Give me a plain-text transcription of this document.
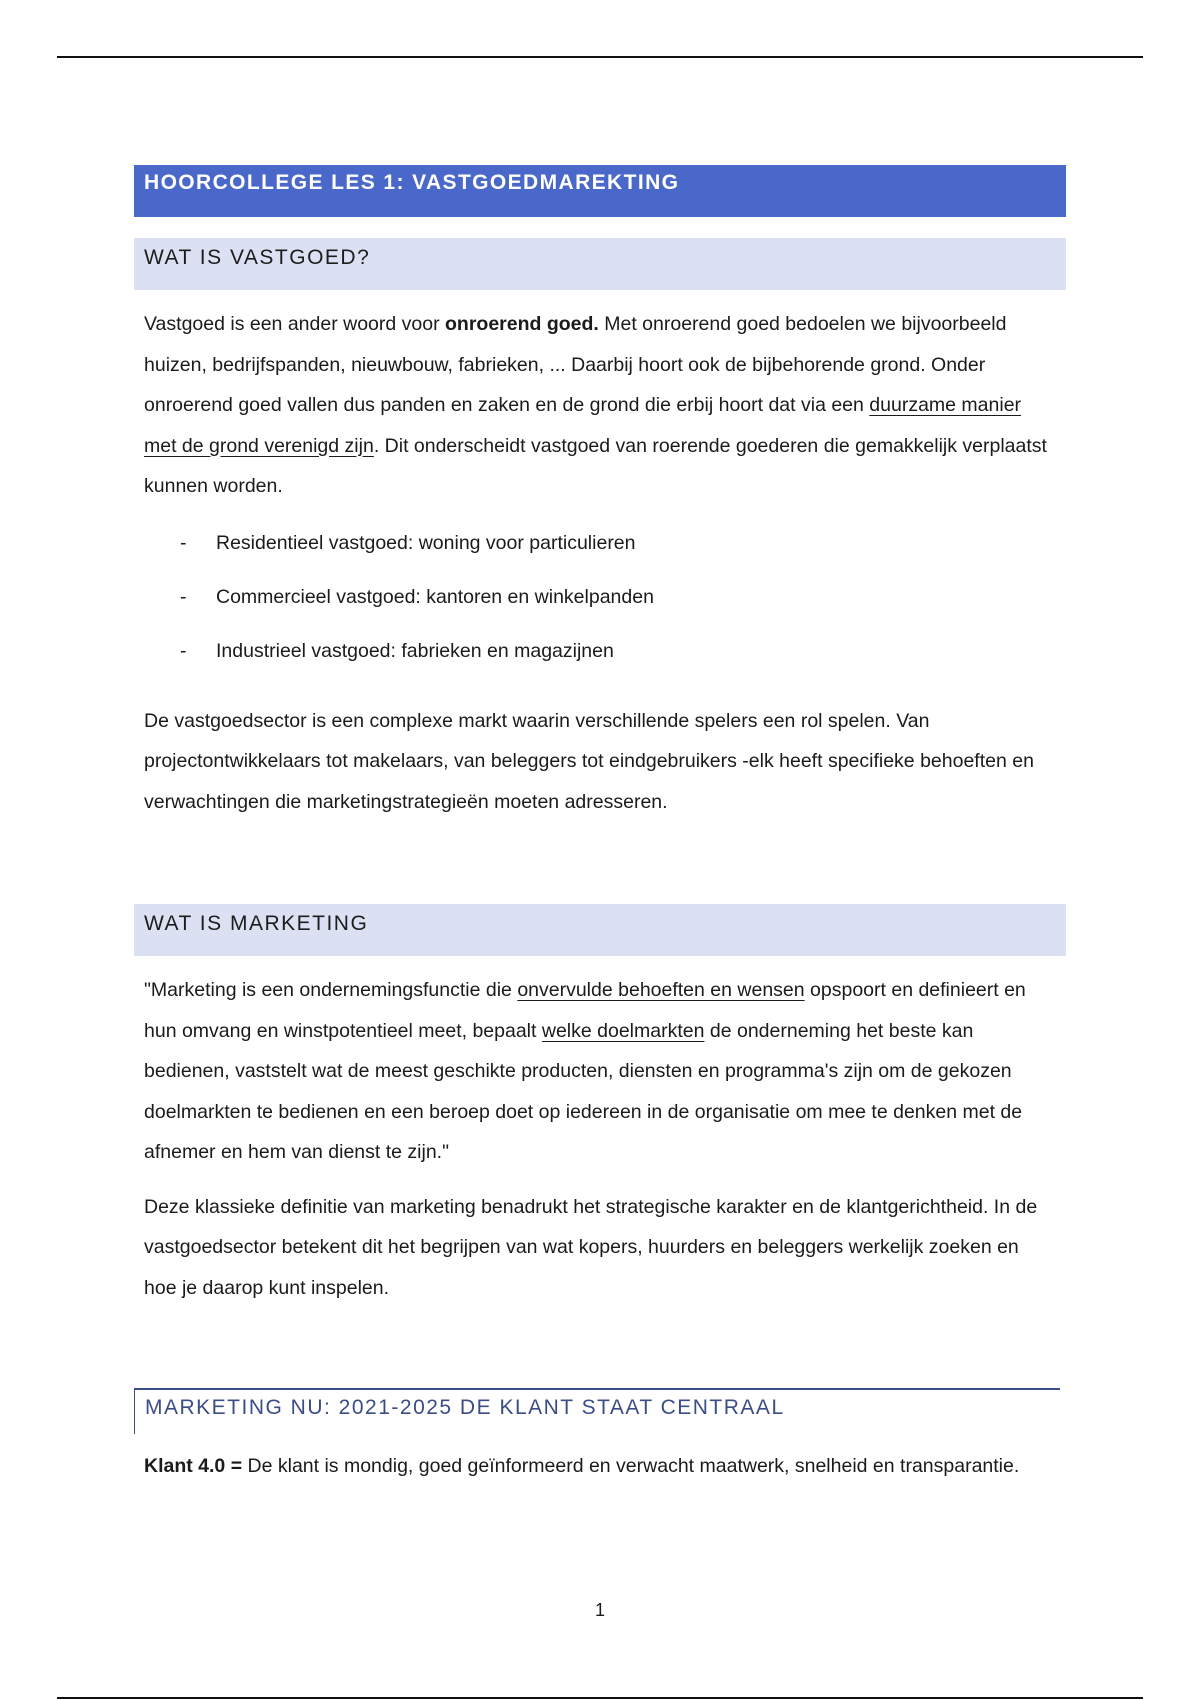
HOORCOLLEGE LES 1: VASTGOEDMAREKTING
WAT IS VASTGOED?

Vastgoed is een ander woord voor onroerend goed. Met onroerend goed bedoelen we bijvoorbeeld huizen, bedrijfspanden, nieuwbouw, fabrieken, ... Daarbij hoort ook de bijbehorende grond. Onder onroerend goed vallen dus panden en zaken en de grond die erbij hoort dat via een duurzame manier met de grond verenigd zijn. Dit onderscheidt vastgoed van roerende goederen die gemakkelijk verplaatst kunnen worden.

- Residentieel vastgoed: woning voor particulieren
- Commercieel vastgoed: kantoren en winkelpanden
- Industrieel vastgoed: fabrieken en magazijnen

De vastgoedsector is een complexe markt waarin verschillende spelers een rol spelen. Van projectontwikkelaars tot makelaars, van beleggers tot eindgebruikers -elk heeft specifieke behoeften en verwachtingen die marketingstrategieën moeten adresseren.

WAT IS MARKETING

"Marketing is een ondernemingsfunctie die onvervulde behoeften en wensen opspoort en definieert en hun omvang en winstpotentieel meet, bepaalt welke doelmarkten de onderneming het beste kan bedienen, vaststelt wat de meest geschikte producten, diensten en programma's zijn om de gekozen doelmarkten te bedienen en een beroep doet op iedereen in de organisatie om mee te denken met de afnemer en hem van dienst te zijn."

Deze klassieke definitie van marketing benadrukt het strategische karakter en de klantgerichtheid. In de vastgoedsector betekent dit het begrijpen van wat kopers, huurders en beleggers werkelijk zoeken en hoe je daarop kunt inspelen.

MARKETING NU: 2021-2025 DE KLANT STAAT CENTRAAL

Klant 4.0 = De klant is mondig, goed geïnformeerd en verwacht maatwerk, snelheid en transparantie.

1
